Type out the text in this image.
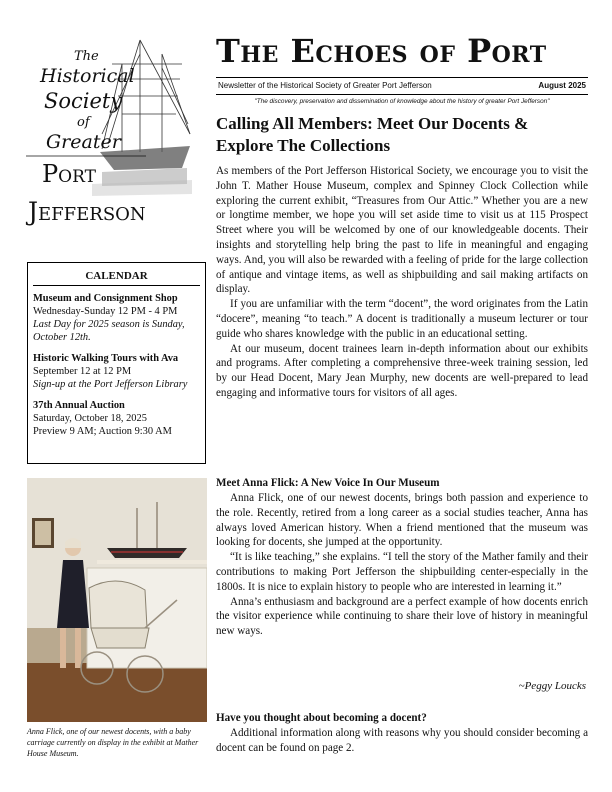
The
Historical
Society
of
Greater
Port
Jefferson
The Echoes of Port
Newsletter of the Historical Society of Greater Port Jefferson	August 2025
"The discovery, preservation and dissemination of knowledge about the history of greater Port Jefferson"
Calling All Members: Meet Our Docents & Explore The Collections

As members of the Port Jefferson Historical Society, we encourage you to visit the John T. Mather House Museum, complex and Spinney Clock Collection while exploring the current exhibit, “Treasures from Our Attic.” Whether you are a new or longtime member, we hope you will set aside time to visit us at 115 Prospect Street where you will be welcomed by one of our knowledgeable docents. Their insights and storytelling help bring the past to life in meaningful and engaging ways. And, you will also be rewarded with a feeling of pride for the large collection of antique and vintage items, as well as shipbuilding and sail making artifacts on display.

If you are unfamiliar with the term “docent”, the word originates from the Latin “docere”, meaning “to teach.” A docent is traditionally a museum lecturer or tour guide who shares knowledge with the public in an educational setting.

At our museum, docent trainees learn in-depth information about our exhibits and programs. After completing a comprehensive three-week training session, led by our Head Docent, Mary Jean Murphy, new docents are well-prepared to lead engaging and informative tours for visitors of all ages.

Meet Anna Flick: A New Voice In Our Museum

Anna Flick, one of our newest docents, brings both passion and experience to the role. Recently, retired from a long career as a social studies teacher, Anna has always loved American history. When a friend mentioned that the museum was looking for docents, she jumped at the opportunity.

“It is like teaching,” she explains. “I tell the story of the Mather family and their contributions to making Port Jefferson the shipbuilding center-especially in the 1800s. It is nice to explain history to people who are interested in learning it.”

Anna’s enthusiasm and background are a perfect example of how docents enrich the visitor experience while continuing to share their love of history in meaningful new ways.

~Peggy Loucks
Have you thought about becoming a docent?

Additional information along with reasons why you should consider becoming a docent can be found on page 2.

CALENDAR
Museum and Consignment Shop
Wednesday-Sunday 12 PM - 4 PM
Last Day for 2025 season is Sunday, October 12th.
Historic Walking Tours with Ava
September 12 at 12 PM
Sign-up at the Port Jefferson Library
37th Annual Auction
Saturday, October 18, 2025
Preview 9 AM; Auction 9:30 AM
Anna Flick, one of our newest docents, with a baby carriage currently on display in the exhibit at Mather House Museum.
